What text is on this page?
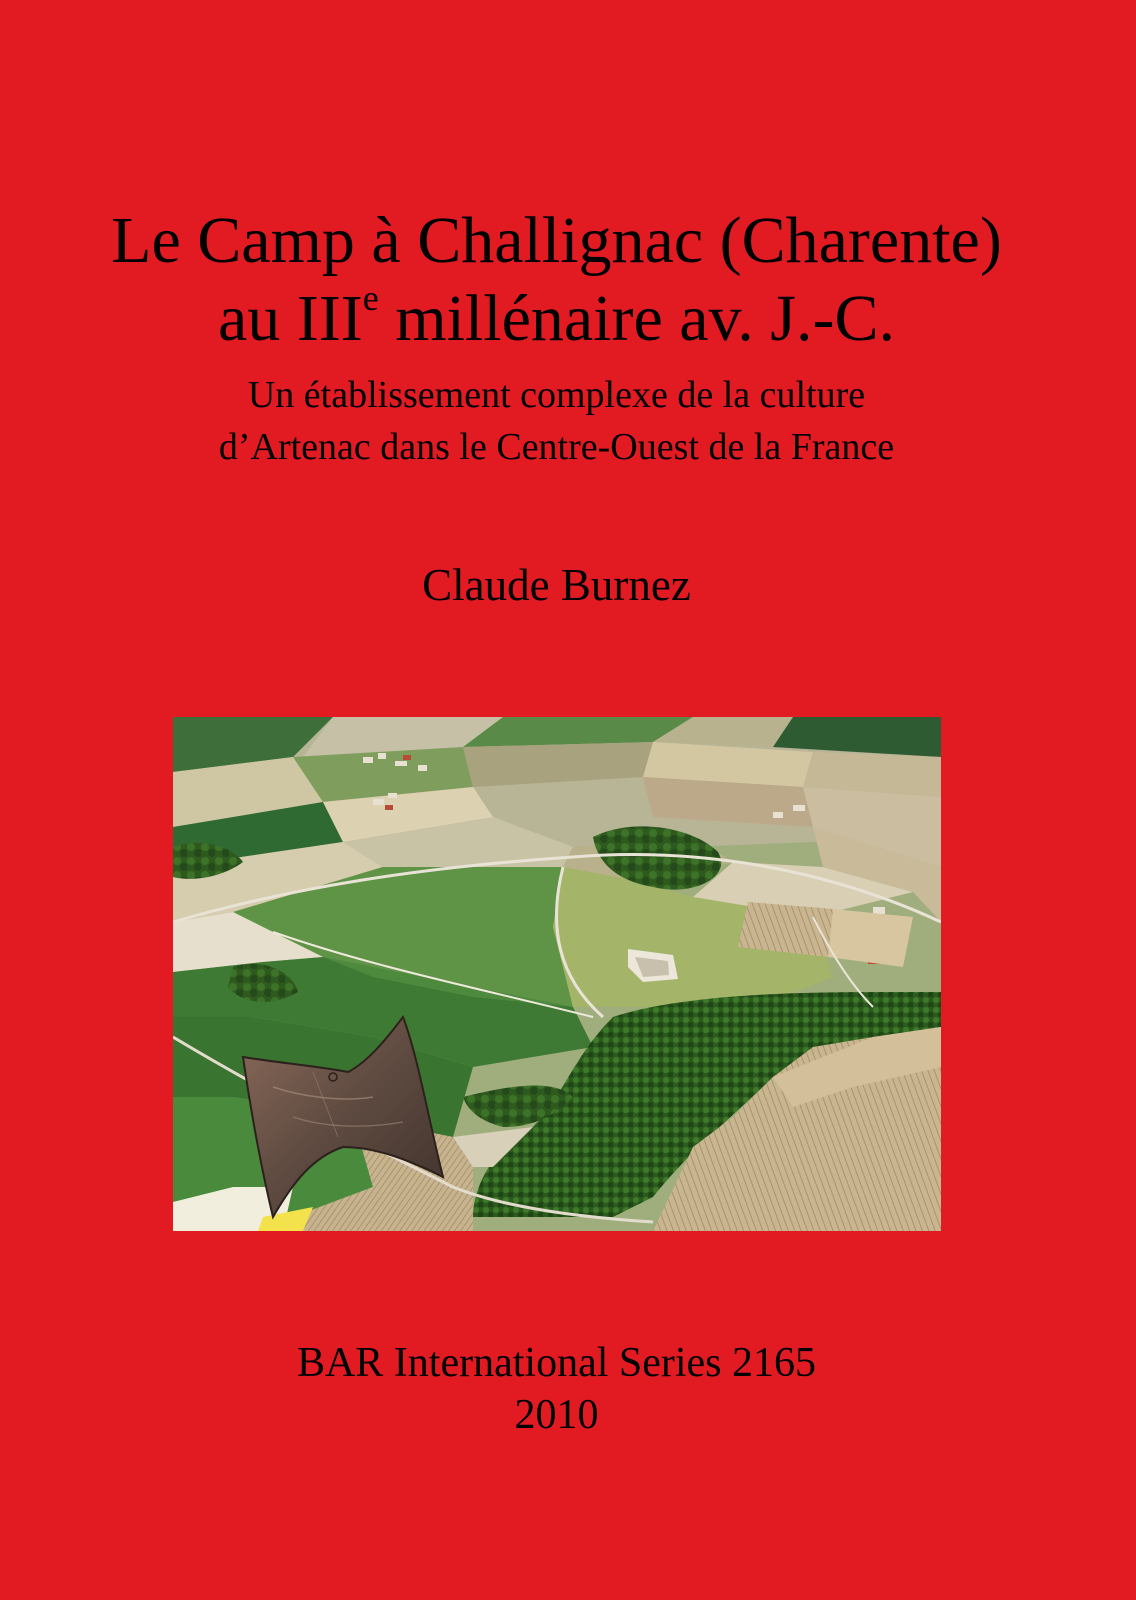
Le Camp à Challignac (Charente)
au IIIe millénaire av. J.-C.
Un établissement complexe de la culture
d’Artenac dans le Centre-Ouest de la France
Claude Burnez
BAR International Series 2165
2010
